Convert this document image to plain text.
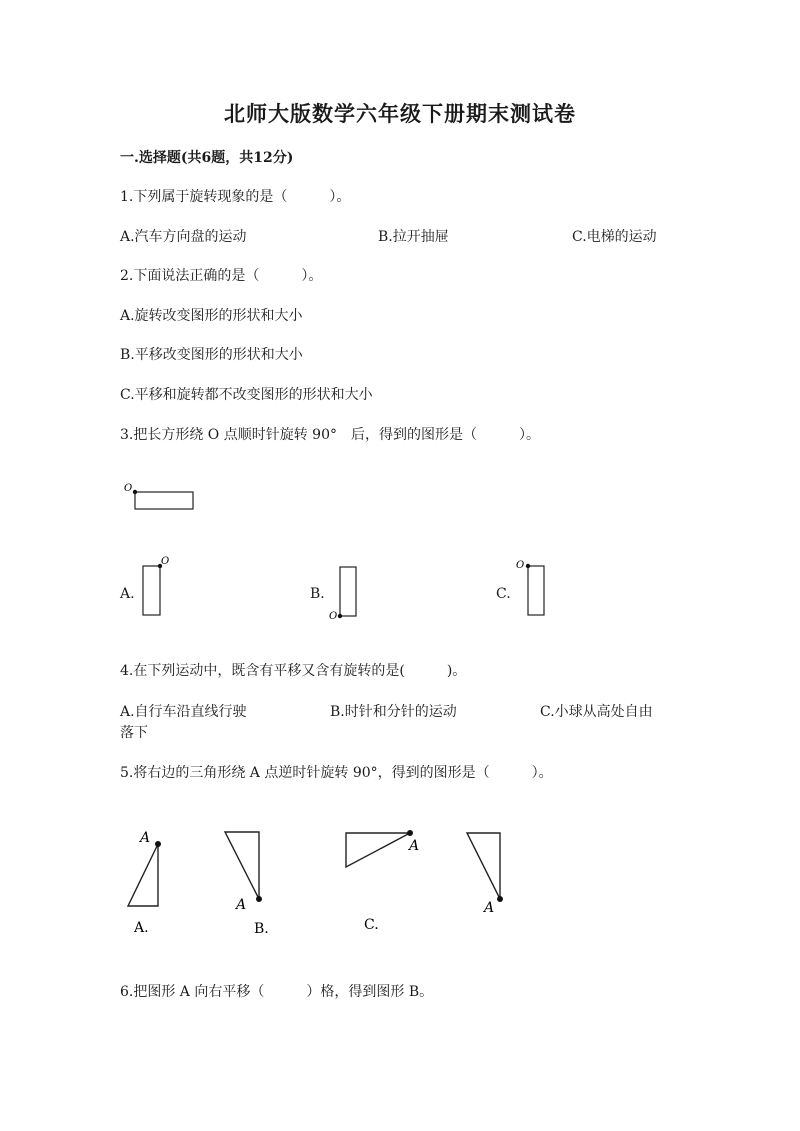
北师大版数学六年级下册期末测试卷
一.选择题(共6题，共12分)
1.下列属于旋转现象的是（　　　）。
A.汽车方向盘的运动	B.拉开抽屉	C.电梯的运动
2.下面说法正确的是（　　　）。
A.旋转改变图形的形状和大小
B.平移改变图形的形状和大小
C.平移和旋转都不改变图形的形状和大小
3.把长方形绕 O 点顺时针旋转 90°　后，得到的图形是（　　　）。
O
A.
O
B.
O
C.
O
4.在下列运动中，既含有平移又含有旋转的是(　　　)。
A.自行车沿直线行驶	B.时针和分针的运动	C.小球从高处自由
落下
5.将右边的三角形绕 A 点逆时针旋转 90°，得到的图形是（　　　）。
A
A.
A
B.
A
C.
A
6.把图形 A 向右平移（　　　）格，得到图形 B。
